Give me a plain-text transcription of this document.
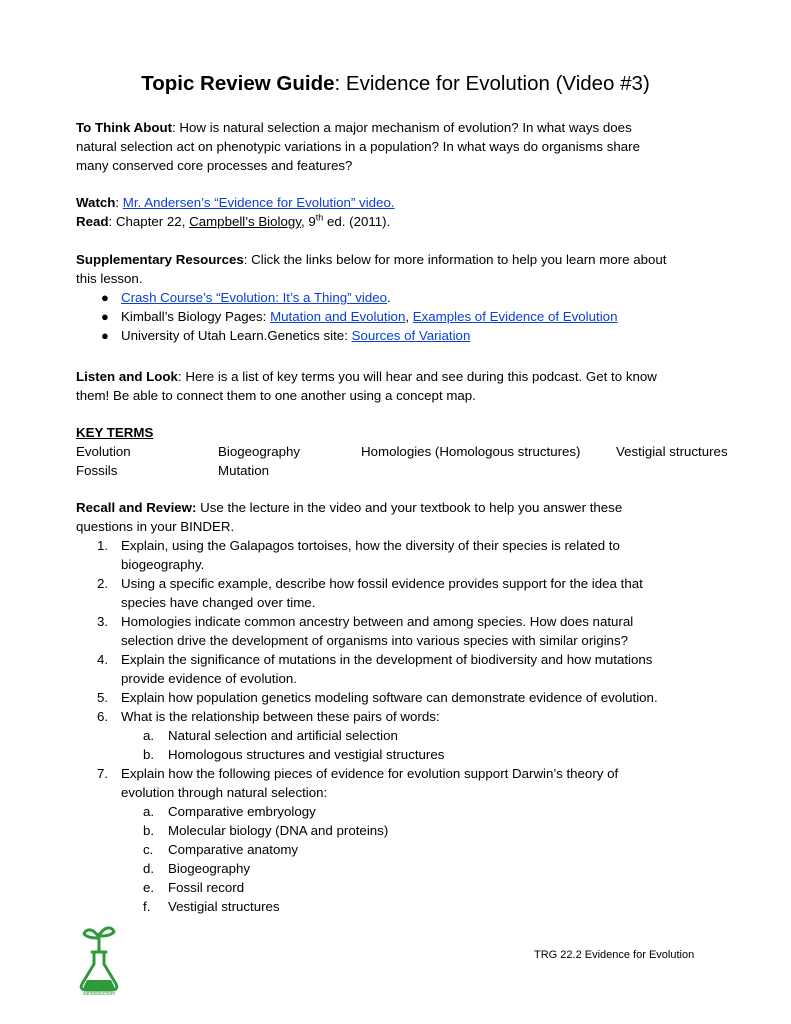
Topic Review Guide: Evidence for Evolution (Video #3)

To Think About: How is natural selection a major mechanism of evolution? In what ways does

natural selection act on phenotypic variations in a population? In what ways do organisms share

many conserved core processes and features?

Watch: Mr. Andersen’s “Evidence for Evolution” video.

Read: Chapter 22, Campbell’s Biology, 9th ed. (2011).

Supplementary Resources: Click the links below for more information to help you learn more about

this lesson.

● Crash Course’s “Evolution: It’s a Thing” video.
● Kimball’s Biology Pages: Mutation and Evolution, Examples of Evidence of Evolution
● University of Utah Learn.Genetics site: Sources of Variation

Listen and Look: Here is a list of key terms you will hear and see during this podcast. Get to know

them! Be able to connect them to one another using a concept map.

KEY TERMS
Evolution	Biogeography	Homologies (Homologous structures)	Vestigial structures
Fossils	Mutation

Recall and Review: Use the lecture in the video and your textbook to help you answer these

questions in your BINDER.

1. Explain, using the Galapagos tortoises, how the diversity of their species is related to
biogeography.
2. Using a specific example, describe how fossil evidence provides support for the idea that
species have changed over time.
3. Homologies indicate common ancestry between and among species. How does natural
selection drive the development of organisms into various species with similar origins?
4. Explain the significance of mutations in the development of biodiversity and how mutations
provide evidence of evolution.
5. Explain how population genetics modeling software can demonstrate evidence of evolution.
6. What is the relationship between these pairs of words:
a. Natural selection and artificial selection
b. Homologous structures and vestigial structures
7. Explain how the following pieces of evidence for evolution support Darwin’s theory of
evolution through natural selection:
a. Comparative embryology
b. Molecular biology (DNA and proteins)
c. Comparative anatomy
d. Biogeography
e. Fossil record
f. Vestigial structures
sandsbiochem
TRG 22.2 Evidence for Evolution
